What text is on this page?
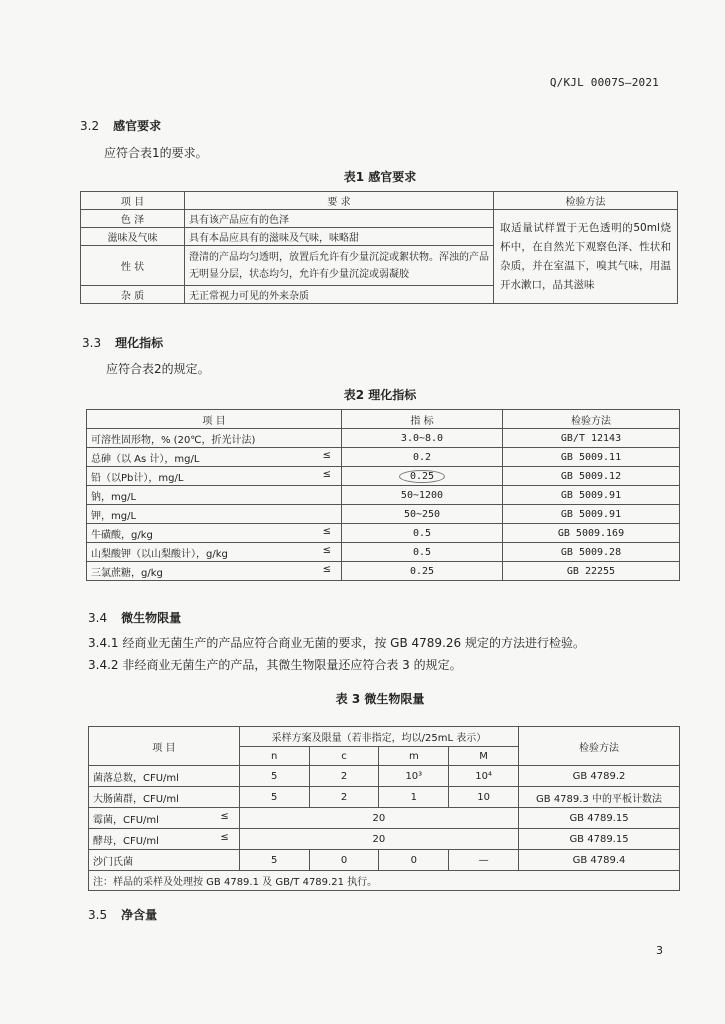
Q/KJL 0007S—2021
3.2 感官要求
应符合表1的要求。
表1 感官要求
项 目	要 求	检验方法
色 泽	具有该产品应有的色泽	取适量试样置于无色透明的50ml烧杯中，在自然光下观察色泽、性状和杂质，并在室温下，嗅其气味，用温开水漱口，品其滋味
滋味及气味	具有本品应具有的滋味及气味，味略甜	
性 状	澄清的产品均匀透明，放置后允许有少量沉淀或絮状物。浑浊的产品无明显分层，状态均匀，允许有少量沉淀或弱凝胶	
杂 质	无正常视力可见的外来杂质	
3.3 理化指标
应符合表2的规定。
表2 理化指标
项 目	指 标	检验方法
可溶性固形物，% (20℃，折光计法)	3.0~8.0	GB/T 12143
总砷（以 As 计），mg/L ≤	0.2	GB 5009.11
铅（以Pb计），mg/L ≤	0.25	GB 5009.12
钠，mg/L	50~1200	GB 5009.91
钾，mg/L	50~250	GB 5009.91
牛磺酸，g/kg ≤	0.5	GB 5009.169
山梨酸钾（以山梨酸计），g/kg ≤	0.5	GB 5009.28
三氯蔗糖，g/kg ≤	0.25	GB 22255
3.4 微生物限量
3.4.1 经商业无菌生产的产品应符合商业无菌的要求，按 GB 4789.26 规定的方法进行检验。
3.4.2 非经商业无菌生产的产品，其微生物限量还应符合表 3 的规定。
表 3 微生物限量
项 目	采样方案及限量（若非指定，均以/25mL 表示）				检验方法
	n	c	m	M	
菌落总数，CFU/ml	5	2	10³	10⁴	GB 4789.2
大肠菌群，CFU/ml	5	2	1	10	GB 4789.3 中的平板计数法
霉菌，CFU/ml ≤	20				GB 4789.15
酵母，CFU/ml ≤	20				GB 4789.15
沙门氏菌	5	0	0	—	GB 4789.4
注：样品的采样及处理按 GB 4789.1 及 GB/T 4789.21 执行。					
3.5 净含量
3
